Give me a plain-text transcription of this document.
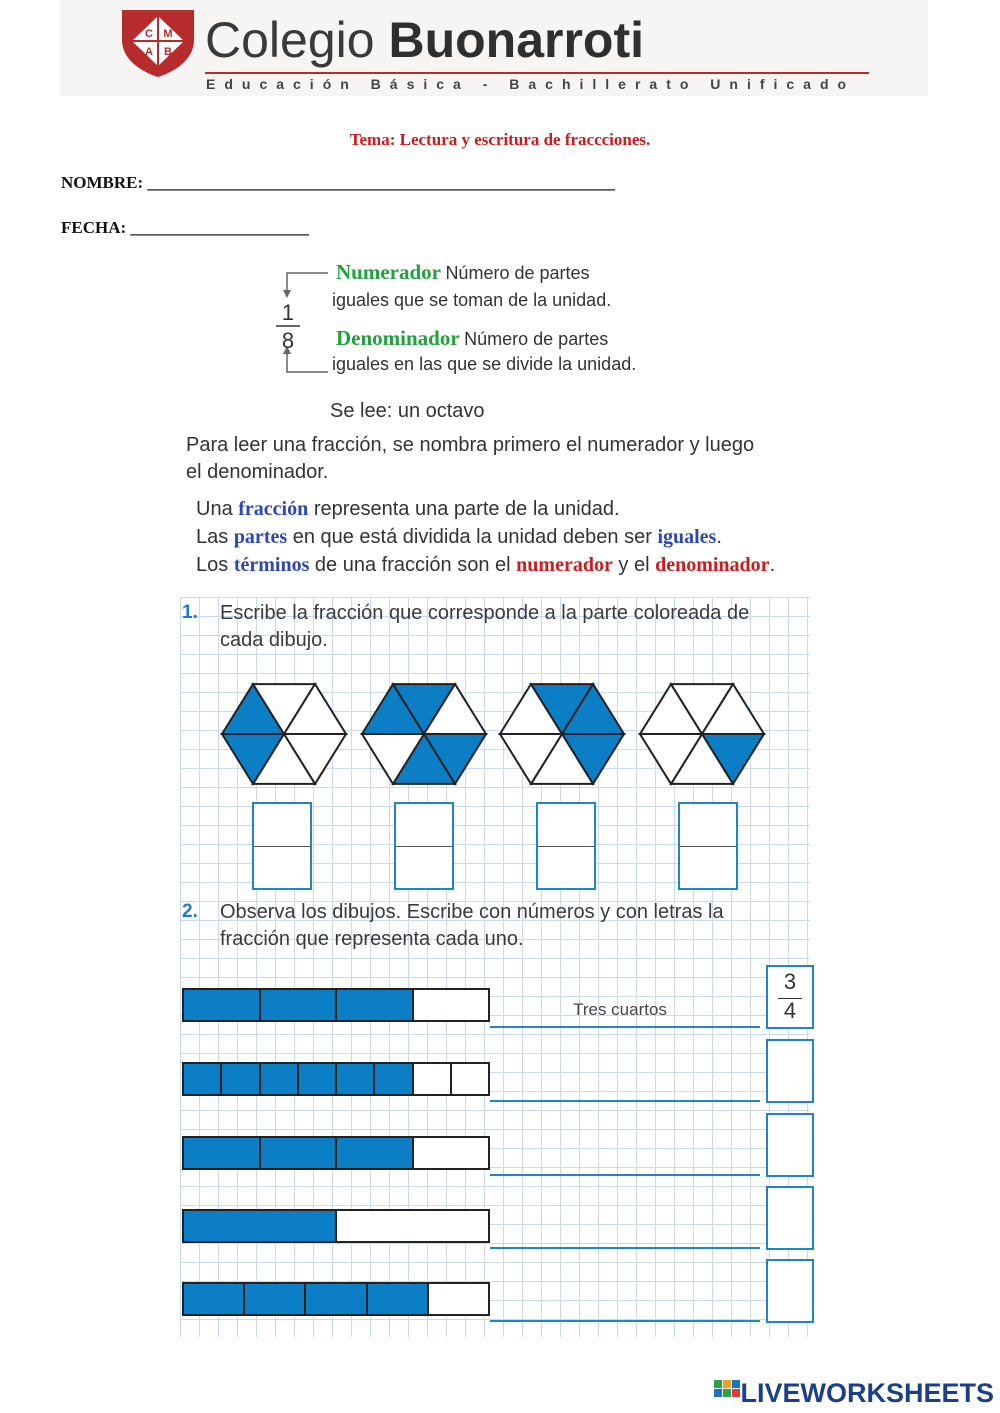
C M
A B Colegio Buonarroti
Educación Básica - Bachillerato Unificado
Tema: Lectura y escritura de fraccciones.
NOMBRE: _______________________________________________________
FECHA: _____________________
1
8
Numerador Número de partes
iguales que se toman de la unidad.
Denominador Número de partes
iguales en las que se divide la unidad.
Se lee: un octavo
Para leer una fracción, se nombra primero el numerador y luego
el denominador.
Una fracción representa una parte de la unidad.
Las partes en que está dividida la unidad deben ser iguales.
Los términos de una fracción son el numerador y el denominador.
1. Escribe la fracción que corresponde a la parte coloreada de
cada dibujo.
2. Observa los dibujos. Escribe con números y con letras la
fracción que representa cada uno.
Tres cuartos
3
4
LIVEWORKSHEETS
